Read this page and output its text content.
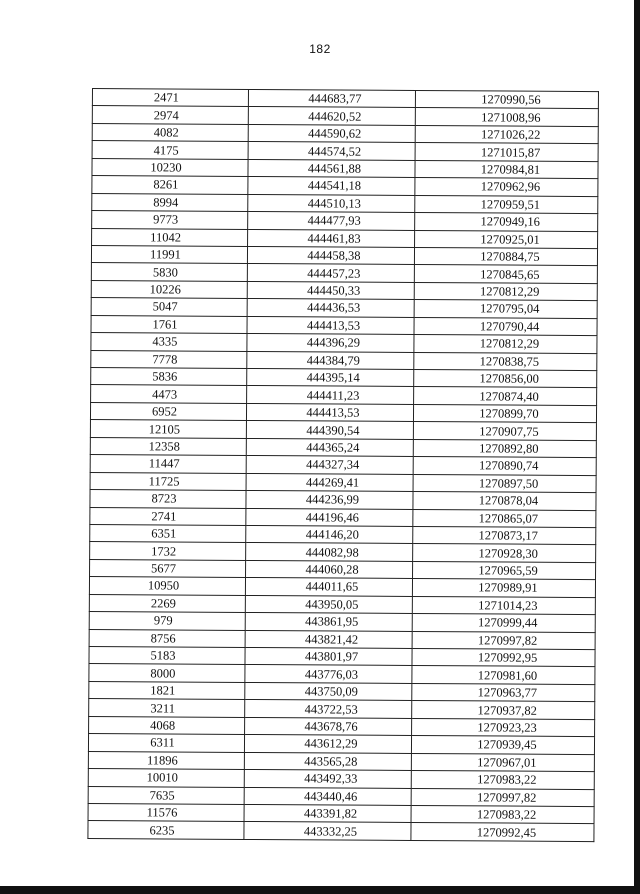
182
2471	444683,77	1270990,56
2974	444620,52	1271008,96
4082	444590,62	1271026,22
4175	444574,52	1271015,87
10230	444561,88	1270984,81
8261	444541,18	1270962,96
8994	444510,13	1270959,51
9773	444477,93	1270949,16
11042	444461,83	1270925,01
11991	444458,38	1270884,75
5830	444457,23	1270845,65
10226	444450,33	1270812,29
5047	444436,53	1270795,04
1761	444413,53	1270790,44
4335	444396,29	1270812,29
7778	444384,79	1270838,75
5836	444395,14	1270856,00
4473	444411,23	1270874,40
6952	444413,53	1270899,70
12105	444390,54	1270907,75
12358	444365,24	1270892,80
11447	444327,34	1270890,74
11725	444269,41	1270897,50
8723	444236,99	1270878,04
2741	444196,46	1270865,07
6351	444146,20	1270873,17
1732	444082,98	1270928,30
5677	444060,28	1270965,59
10950	444011,65	1270989,91
2269	443950,05	1271014,23
979	443861,95	1270999,44
8756	443821,42	1270997,82
5183	443801,97	1270992,95
8000	443776,03	1270981,60
1821	443750,09	1270963,77
3211	443722,53	1270937,82
4068	443678,76	1270923,23
6311	443612,29	1270939,45
11896	443565,28	1270967,01
10010	443492,33	1270983,22
7635	443440,46	1270997,82
11576	443391,82	1270983,22
6235	443332,25	1270992,45
